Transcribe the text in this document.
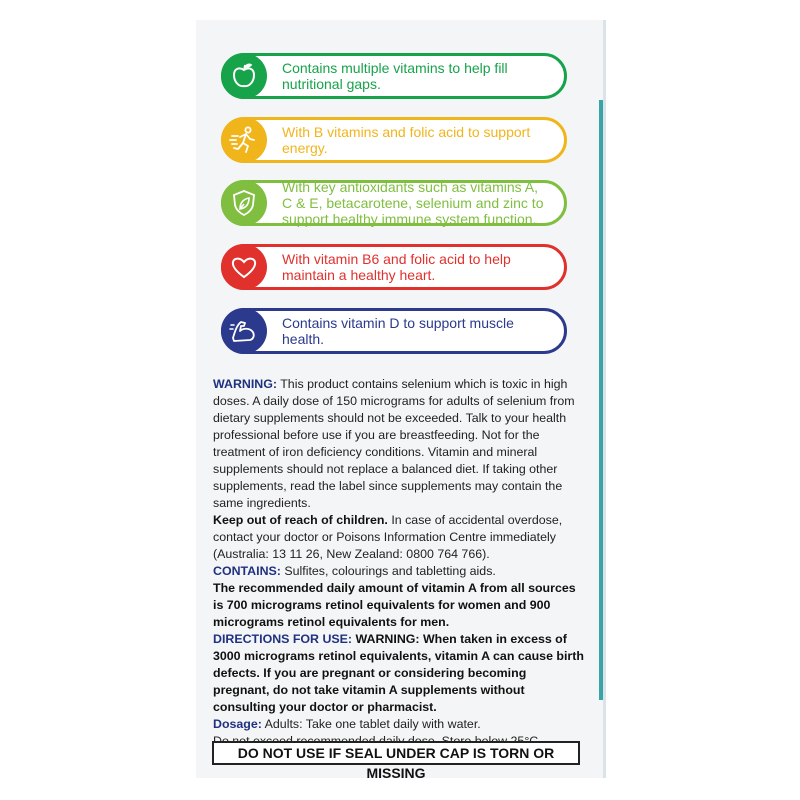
Contains multiple vitamins to help fill nutritional gaps.
With B vitamins and folic acid to support energy.
With key antioxidants such as vitamins A, C & E, betacarotene, selenium and zinc to support healthy immune system function.
With vitamin B6 and folic acid to help maintain a healthy heart.
Contains vitamin D to support muscle health.

WARNING: This product contains selenium which is toxic in high doses. A daily dose of 150 micrograms for adults of selenium from dietary supplements should not be exceeded. Talk to your health professional before use if you are breastfeeding. Not for the treatment of iron deficiency conditions. Vitamin and mineral supplements should not replace a balanced diet. If taking other supplements, read the label since supplements may contain the same ingredients.

Keep out of reach of children. In case of accidental overdose, contact your doctor or Poisons Information Centre immediately (Australia: 13 11 26, New Zealand: 0800 764 766).

CONTAINS: Sulfites, colourings and tabletting aids.

The recommended daily amount of vitamin A from all sources is 700 micrograms retinol equivalents for women and 900 micrograms retinol equivalents for men.

DIRECTIONS FOR USE: WARNING: When taken in excess of 3000 micrograms retinol equivalents, vitamin A can cause birth defects. If you are pregnant or considering becoming pregnant, do not take vitamin A supplements without consulting your doctor or pharmacist.

Dosage: Adults: Take one tablet daily with water.

DO NOT USE IF SEAL UNDER CAP IS TORN OR MISSING
